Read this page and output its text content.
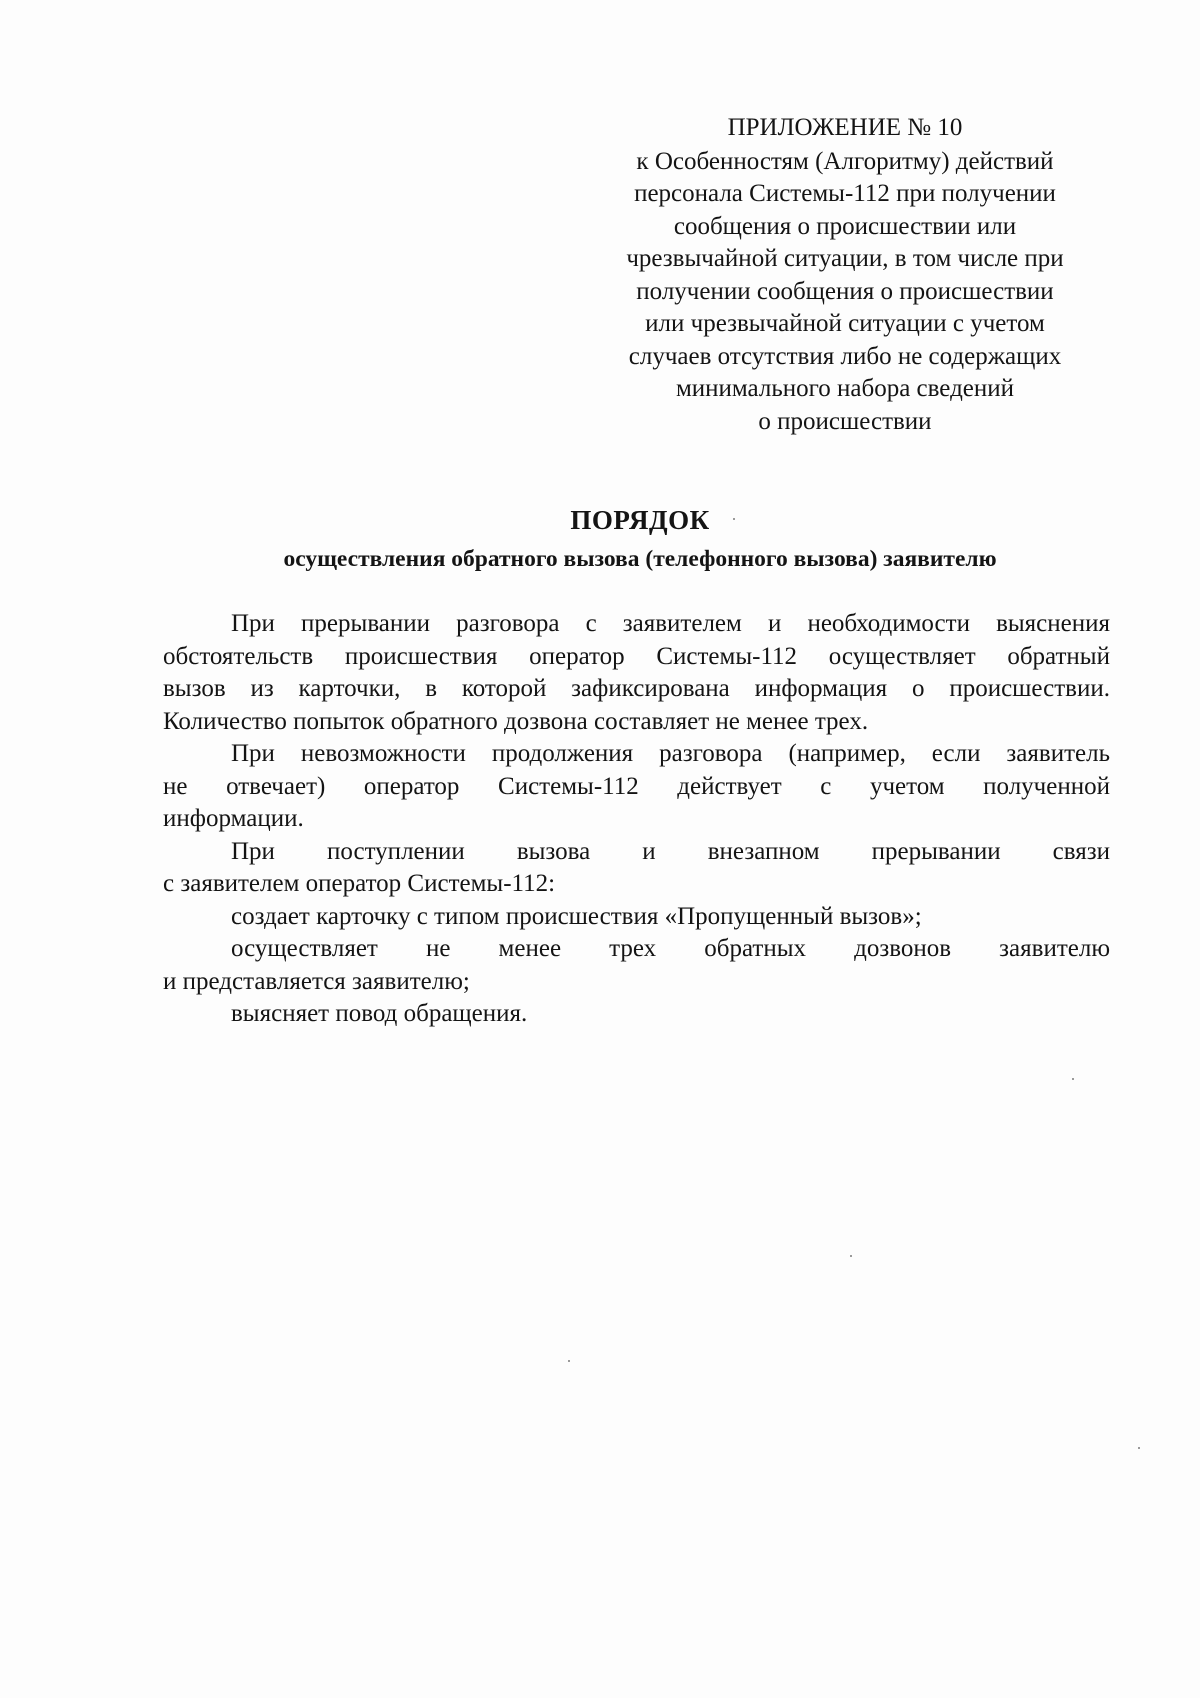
ПРИЛОЖЕНИЕ № 10
к Особенностям (Алгоритму) действий
персонала Системы-112 при получении
сообщения о происшествии или
чрезвычайной ситуации, в том числе при
получении сообщения о происшествии
или чрезвычайной ситуации с учетом
случаев отсутствия либо не содержащих
минимального набора сведений
о происшествии
ПОРЯДОК
осуществления обратного вызова (телефонного вызова) заявителю
При прерывании разговора с заявителем и необходимости выяснения
обстоятельств происшествия оператор Системы-112 осуществляет обратный
вызов из карточки, в которой зафиксирована информация о происшествии.
Количество попыток обратного дозвона составляет не менее трех.
При невозможности продолжения разговора (например, если заявитель
не отвечает) оператор Системы-112 действует с учетом полученной
информации.
При поступлении вызова и внезапном прерывании связи
с заявителем оператор Системы-112:
создает карточку с типом происшествия «Пропущенный вызов»;
осуществляет не менее трех обратных дозвонов заявителю
и представляется заявителю;
выясняет повод обращения.
